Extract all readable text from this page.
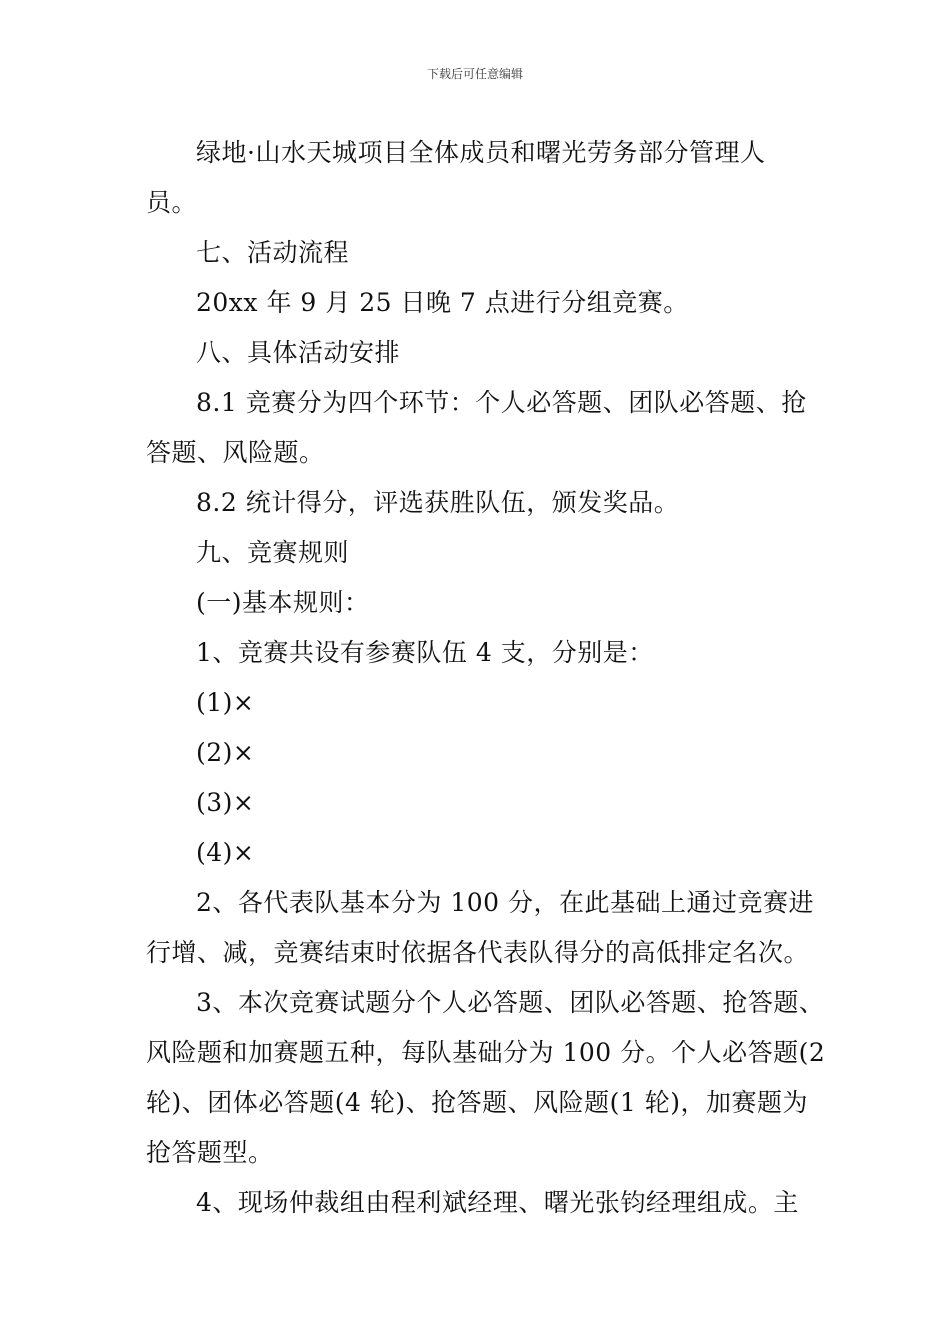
下载后可任意编辑
绿地·山水天城项目全体成员和曙光劳务部分管理人
员。
七、活动流程
20xx 年 9 月 25 日晚 7 点进行分组竞赛。
八、具体活动安排
8.1 竞赛分为四个环节：个人必答题、团队必答题、抢
答题、风险题。
8.2 统计得分，评选获胜队伍，颁发奖品。
九、竞赛规则
(一)基本规则：
1、竞赛共设有参赛队伍 4 支，分别是：
(1)×
(2)×
(3)×
(4)×
2、各代表队基本分为 100 分，在此基础上通过竞赛进
行增、减，竞赛结束时依据各代表队得分的高低排定名次。
3、本次竞赛试题分个人必答题、团队必答题、抢答题、
风险题和加赛题五种，每队基础分为 100 分。个人必答题(2
轮)、团体必答题(4 轮)、抢答题、风险题(1 轮)，加赛题为
抢答题型。
4、现场仲裁组由程利斌经理、曙光张钧经理组成。主
